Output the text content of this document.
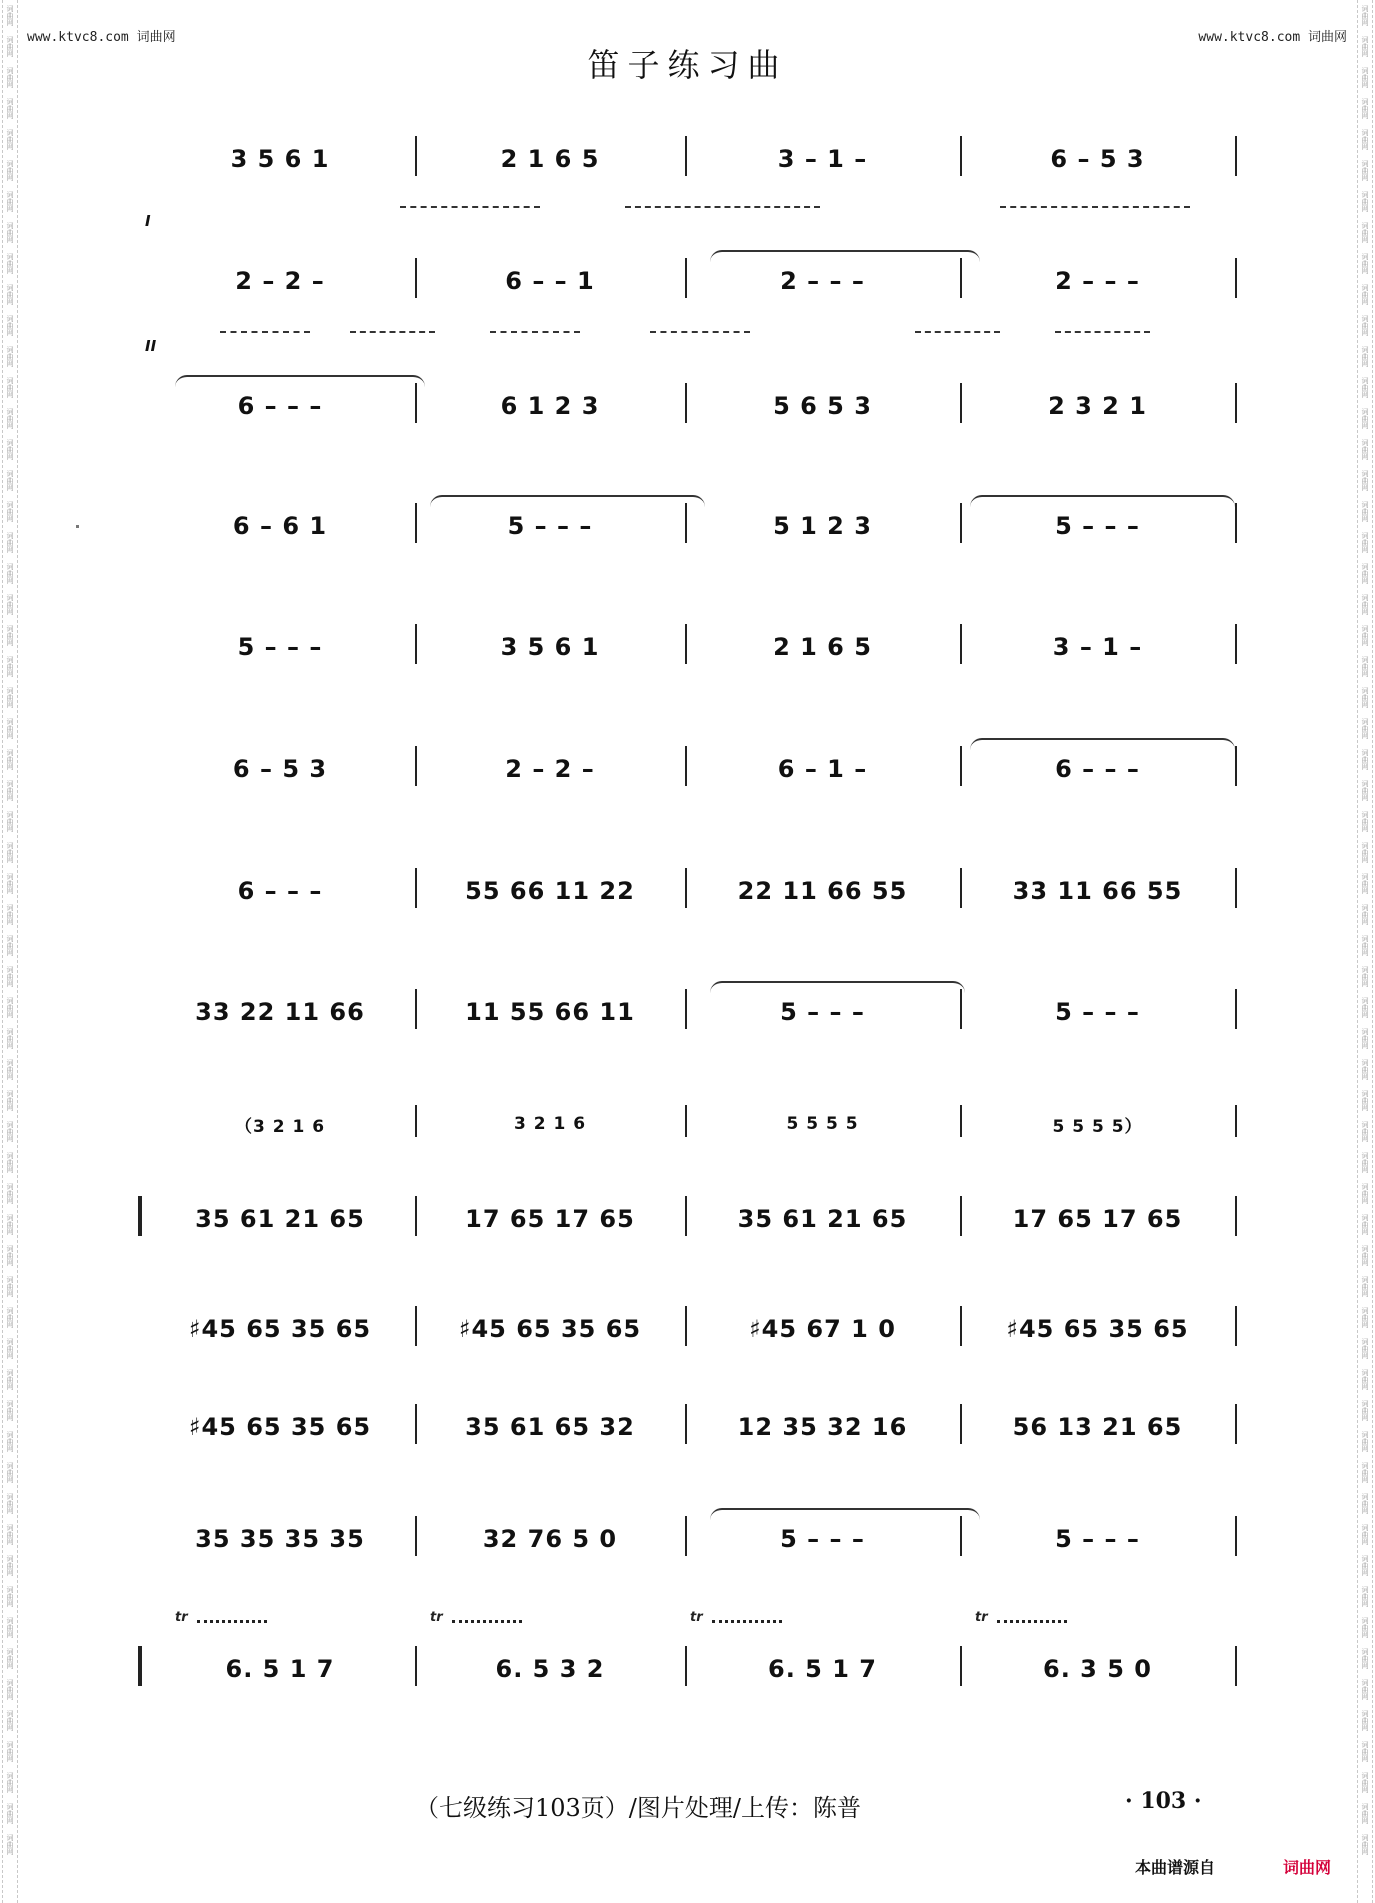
词曲网
词曲网
词曲网
词曲网
词曲网
词曲网
词曲网
词曲网
词曲网
词曲网
词曲网
词曲网
词曲网
词曲网
词曲网
词曲网
词曲网
词曲网
词曲网
词曲网
词曲网
词曲网
词曲网
词曲网
词曲网
词曲网
词曲网
词曲网
词曲网
词曲网
词曲网
词曲网
词曲网
词曲网
词曲网
词曲网
词曲网
词曲网
词曲网
词曲网
词曲网
词曲网
词曲网
词曲网
词曲网
词曲网
词曲网
词曲网
词曲网
词曲网
词曲网
词曲网
词曲网
词曲网
词曲网
词曲网
词曲网
词曲网
词曲网
词曲网
词曲网
词曲网
词曲网
词曲网
词曲网
词曲网
词曲网
词曲网
词曲网
词曲网
词曲网
词曲网
词曲网
词曲网
词曲网
词曲网
词曲网
词曲网
词曲网
词曲网
词曲网
词曲网
词曲网
词曲网
词曲网
词曲网
词曲网
词曲网
词曲网
词曲网
词曲网
词曲网
词曲网
词曲网
词曲网
词曲网
词曲网
词曲网
词曲网
词曲网
词曲网
词曲网
词曲网
词曲网
词曲网
词曲网
词曲网
词曲网
词曲网
词曲网
词曲网
词曲网
词曲网
词曲网
词曲网
词曲网
词曲网
词曲网
词曲网
词曲网
www.ktvc8.com 词曲网	www.ktvc8.com 词曲网
笛子练习曲
3 5 6 1	2 1 6 5	3 – 1 –	6 – 5 3
2 – 2 –	6 – – 1	2 – – –	2 – – –
I
6 – – –	6 1 2 3	5 6 5 3	2 3 2 1
II
6 – 6 1	5 – – –	5 1 2 3	5 – – –
5 – – –	3 5 6 1	2 1 6 5	3 – 1 –
6 – 5 3	2 – 2 –	6 – 1 –	6 – – –
6 – – –	55 66 11 22	22 11 66 55	33 11 66 55
33 22 11 66	11 55 66 11	5 – – –	5 – – –
（3 2 1 6	3 2 1 6	5 5 5 5	5 5 5 5）
35 61 21 65	17 65 17 65	35 61 21 65	17 65 17 65
♯45 65 35 65	♯45 65 35 65	♯45 67 1 0	♯45 65 35 65
♯45 65 35 65	35 61 65 32	12 35 32 16	56 13 21 65
35 35 35 35	32 76 5 0	5 – – –	5 – – –
6. 5 1 7	6. 5 3 2	6. 5 1 7	6. 3 5 0
tr	tr	tr	tr
（七级练习103页）/图片处理/上传：陈普	· 103 ·
本曲谱源自	词曲网
